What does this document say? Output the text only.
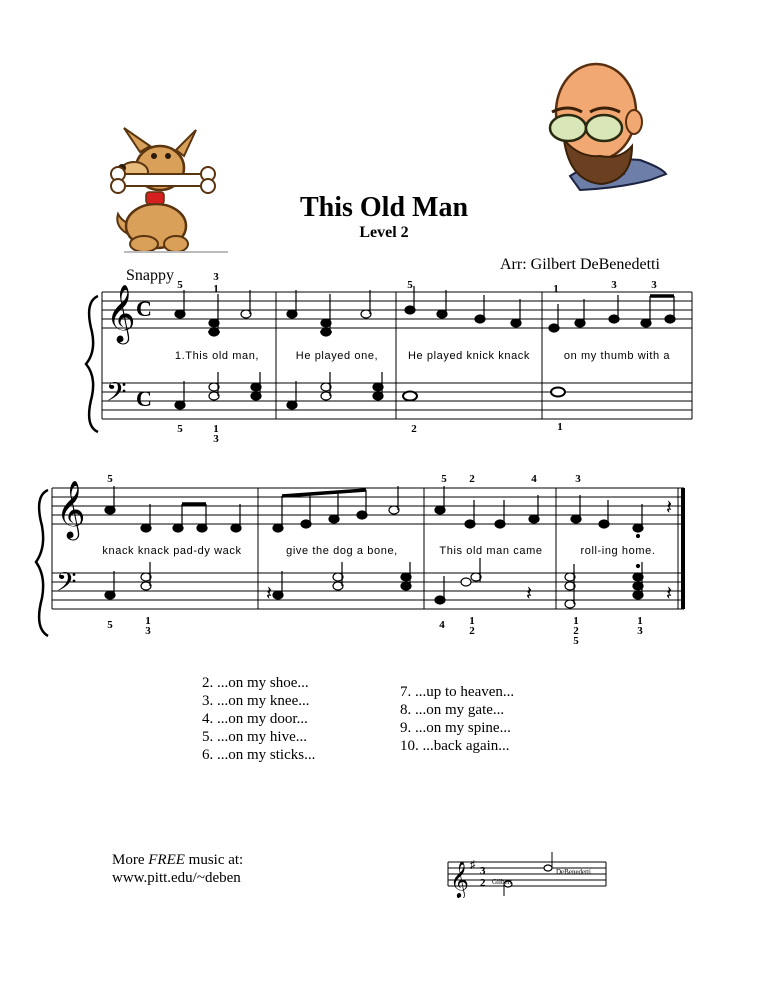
This Old Man
Level 2
Arr: Gilbert DeBenedetti
Snappy
𝄞
𝄢
C
C
5
3
1	5	1	3	3
5	1
3
2	1
1.This old man,	He played one,	He played knick knack	on my thumb with a
𝄞
𝄢
𝄽
𝄽	𝄽	𝄽
5	5 2	4	3
5	1
3	4 1
2
1
2
5
1
3
knack knack pad-dy wack	give the dog a bone,	This old man came	roll-ing home.
2. ...on my shoe...
3. ...on my knee...
4. ...on my door...
5. ...on my hive...
6. ...on my sticks...
7. ...up to heaven...
8. ...on my gate...
9. ...on my spine...
10. ...back again...
More FREE music at:
www.pitt.edu/~deben	𝄞 ♯ 3
2 Gilbert
DeBenedetti
